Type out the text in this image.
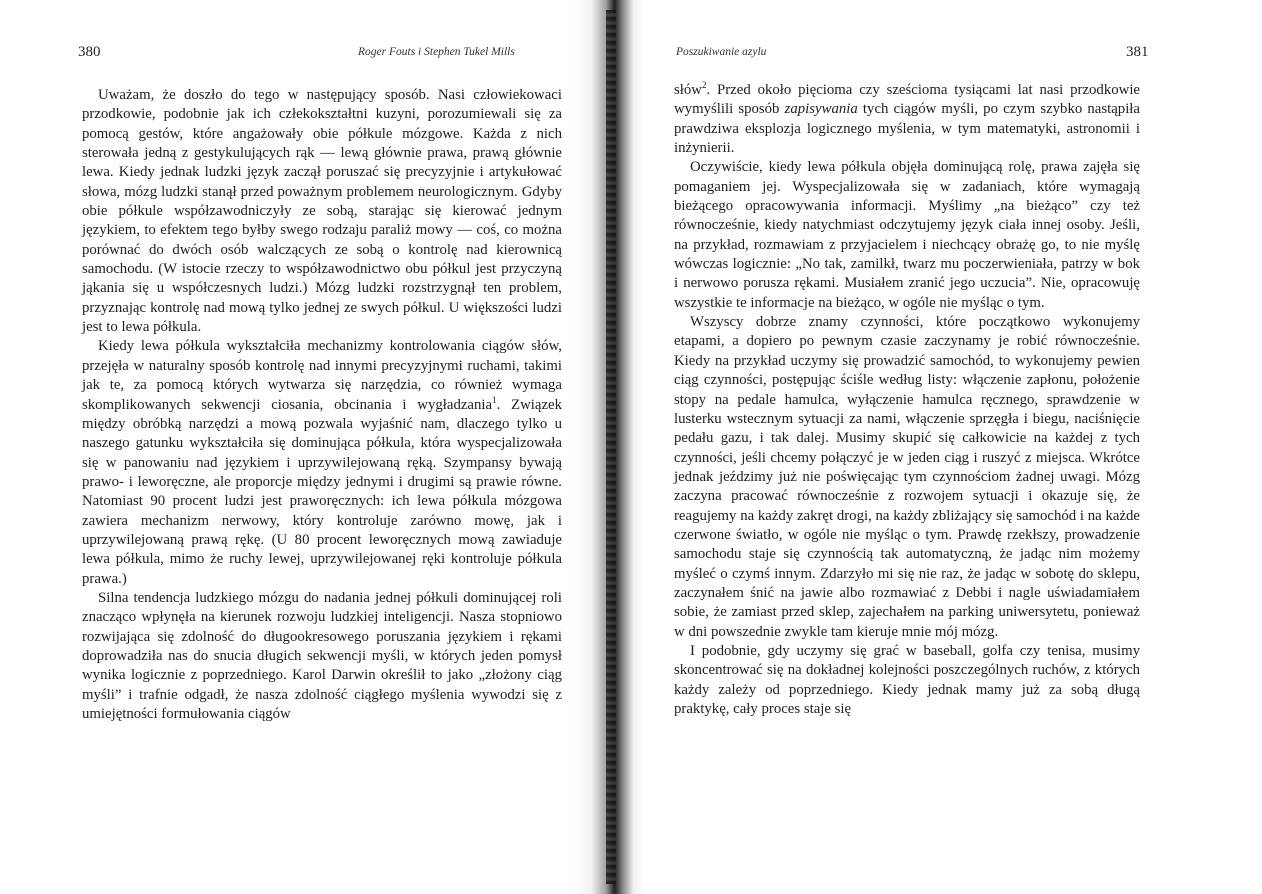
380	Roger Fouts i Stephen Tukel Mills

Uważam, że doszło do tego w następujący sposób. Nasi człowiekowaci przodkowie, podobnie jak ich człekokształtni kuzyni, porozumiewali się za pomocą gestów, które angażowały obie półkule mózgowe. Każda z nich sterowała jedną z gestykulujących rąk — lewą głównie prawa, prawą głównie lewa. Kiedy jednak ludzki język zaczął poruszać się precyzyjnie i artykułować słowa, mózg ludzki stanął przed poważnym problemem neurologicznym. Gdyby obie półkule współzawodniczyły ze sobą, starając się kierować jednym językiem, to efektem tego byłby swego rodzaju paraliż mowy — coś, co można porównać do dwóch osób walczących ze sobą o kontrolę nad kierownicą samochodu. (W istocie rzeczy to współzawodnictwo obu półkul jest przyczyną jąkania się u współczesnych ludzi.) Mózg ludzki rozstrzygnął ten problem, przyznając kontrolę nad mową tylko jednej ze swych półkul. U większości ludzi jest to lewa półkula.

Kiedy lewa półkula wykształciła mechanizmy kontrolowania ciągów słów, przejęła w naturalny sposób kontrolę nad innymi precyzyjnymi ruchami, takimi jak te, za pomocą których wytwarza się narzędzia, co również wymaga skomplikowanych sekwencji ciosania, obcinania i wygładzania$^1$. Związek między obróbką narzędzi a mową pozwala wyjaśnić nam, dlaczego tylko u naszego gatunku wykształciła się dominująca półkula, która wyspecjalizowała się w panowaniu nad językiem i uprzywilejowaną ręką. Szympansy bywają prawo- i leworęczne, ale proporcje między jednymi i drugimi są prawie równe. Natomiast 90 procent ludzi jest praworęcznych: ich lewa półkula mózgowa zawiera mechanizm nerwowy, który kontroluje zarówno mowę, jak i uprzywilejowaną prawą rękę. (U 80 procent leworęcznych mową zawiaduje lewa półkula, mimo że ruchy lewej, uprzywilejowanej ręki kontroluje półkula prawa.)

Silna tendencja ludzkiego mózgu do nadania jednej półkuli dominującej roli znacząco wpłynęła na kierunek rozwoju ludzkiej inteligencji. Nasza stopniowo rozwijająca się zdolność do długookresowego poruszania językiem i rękami doprowadziła nas do snucia długich sekwencji myśli, w których jeden pomysł wynika logicznie z poprzedniego. Karol Darwin określił to jako „złożony ciąg myśli” i trafnie odgadł, że nasza zdolność ciągłego myślenia wywodzi się z umiejętności formułowania ciągów

Poszukiwanie azylu	381

słów$^2$. Przed około pięcioma czy sześcioma tysiącami lat nasi przodkowie wymyślili sposób zapisywania tych ciągów myśli, po czym szybko nastąpiła prawdziwa eksplozja logicznego myślenia, w tym matematyki, astronomii i inżynierii.

Oczywiście, kiedy lewa półkula objęła dominującą rolę, prawa zajęła się pomaganiem jej. Wyspecjalizowała się w zadaniach, które wymagają bieżącego opracowywania informacji. Myślimy „na bieżąco” czy też równocześnie, kiedy natychmiast odczytujemy język ciała innej osoby. Jeśli, na przykład, rozmawiam z przyjacielem i niechcący obrażę go, to nie myślę wówczas logicznie: „No tak, zamilkł, twarz mu poczerwieniała, patrzy w bok i nerwowo porusza rękami. Musiałem zranić jego uczucia”. Nie, opracowuję wszystkie te informacje na bieżąco, w ogóle nie myśląc o tym.

Wszyscy dobrze znamy czynności, które początkowo wykonujemy etapami, a dopiero po pewnym czasie zaczynamy je robić równocześnie. Kiedy na przykład uczymy się prowadzić samochód, to wykonujemy pewien ciąg czynności, postępując ściśle według listy: włączenie zapłonu, położenie stopy na pedale hamulca, wyłączenie hamulca ręcznego, sprawdzenie w lusterku wstecznym sytuacji za nami, włączenie sprzęgła i biegu, naciśnięcie pedału gazu, i tak dalej. Musimy skupić się całkowicie na każdej z tych czynności, jeśli chcemy połączyć je w jeden ciąg i ruszyć z miejsca. Wkrótce jednak jeździmy już nie poświęcając tym czynnościom żadnej uwagi. Mózg zaczyna pracować równocześnie z rozwojem sytuacji i okazuje się, że reagujemy na każdy zakręt drogi, na każdy zbliżający się samochód i na każde czerwone światło, w ogóle nie myśląc o tym. Prawdę rzekłszy, prowadzenie samochodu staje się czynnością tak automatyczną, że jadąc nim możemy myśleć o czymś innym. Zdarzyło mi się nie raz, że jadąc w sobotę do sklepu, zaczynałem śnić na jawie albo rozmawiać z Debbi i nagle uświadamiałem sobie, że zamiast przed sklep, zajechałem na parking uniwersytetu, ponieważ w dni powszednie zwykle tam kieruje mnie mój mózg.

I podobnie, gdy uczymy się grać w baseball, golfa czy tenisa, musimy skoncentrować się na dokładnej kolejności poszczególnych ruchów, z których każdy zależy od poprzedniego. Kiedy jednak mamy już za sobą długą praktykę, cały proces staje się
